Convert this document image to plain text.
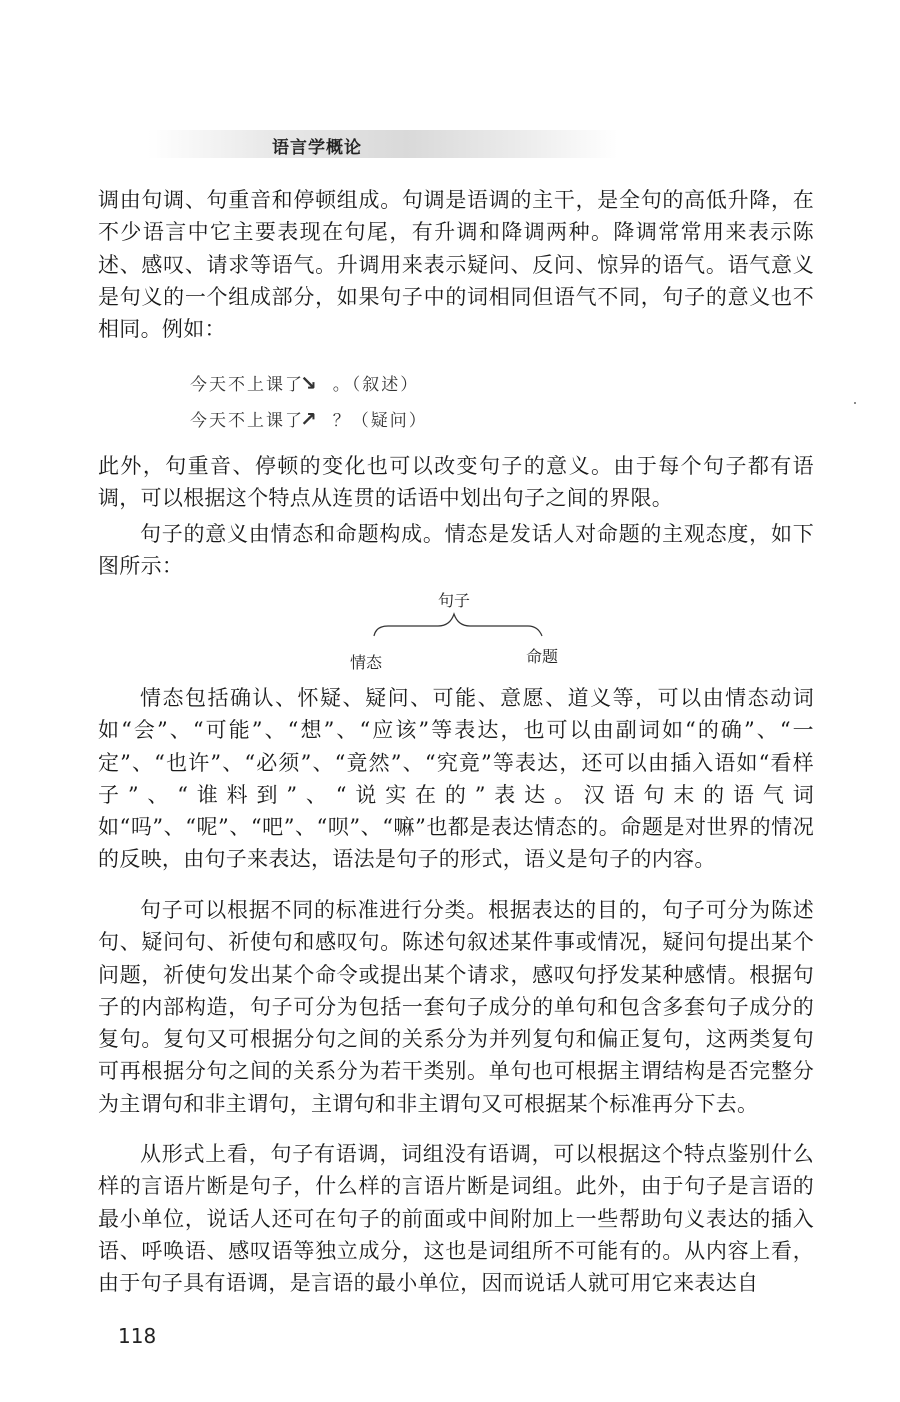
语言学概论

调由句调、句重音和停顿组成。句调是语调的主干，是全句的高低升降，在不少语言中它主要表现在句尾，有升调和降调两种。降调常常用来表示陈述、感叹、请求等语气。升调用来表示疑问、反问、惊异的语气。语气意义是句义的一个组成部分，如果句子中的词相同但语气不同，句子的意义也不相同。例如：

今天不上课了↘ 。（叙述）

今天不上课了↗ ？（疑问）

此外，句重音、停顿的变化也可以改变句子的意义。由于每个句子都有语调，可以根据这个特点从连贯的话语中划出句子之间的界限。

句子的意义由情态和命题构成。情态是发话人对命题的主观态度，如下图所示：

句子
情态	命题

情态包括确认、怀疑、疑问、可能、意愿、道义等，可以由情态动词如“会”、“可能”、“想”、“应该”等表达，也可以由副词如“的确”、“一定”、“也许”、“必须”、“竟然”、“究竟”等表达，还可以由插入语如“看样子”、“谁料到”、“说实在的”表达。汉语句末的语气词如“吗”、“呢”、“吧”、“呗”、“嘛”也都是表达情态的。命题是对世界的情况的反映，由句子来表达，语法是句子的形式，语义是句子的内容。

句子可以根据不同的标准进行分类。根据表达的目的，句子可分为陈述句、疑问句、祈使句和感叹句。陈述句叙述某件事或情况，疑问句提出某个问题，祈使句发出某个命令或提出某个请求，感叹句抒发某种感情。根据句子的内部构造，句子可分为包括一套句子成分的单句和包含多套句子成分的复句。复句又可根据分句之间的关系分为并列复句和偏正复句，这两类复句可再根据分句之间的关系分为若干类别。单句也可根据主谓结构是否完整分为主谓句和非主谓句，主谓句和非主谓句又可根据某个标准再分下去。

从形式上看，句子有语调，词组没有语调，可以根据这个特点鉴别什么样的言语片断是句子，什么样的言语片断是词组。此外，由于句子是言语的最小单位，说话人还可在句子的前面或中间附加上一些帮助句义表达的插入语、呼唤语、感叹语等独立成分，这也是词组所不可能有的。从内容上看，由于句子具有语调，是言语的最小单位，因而说话人就可用它来表达自

118
